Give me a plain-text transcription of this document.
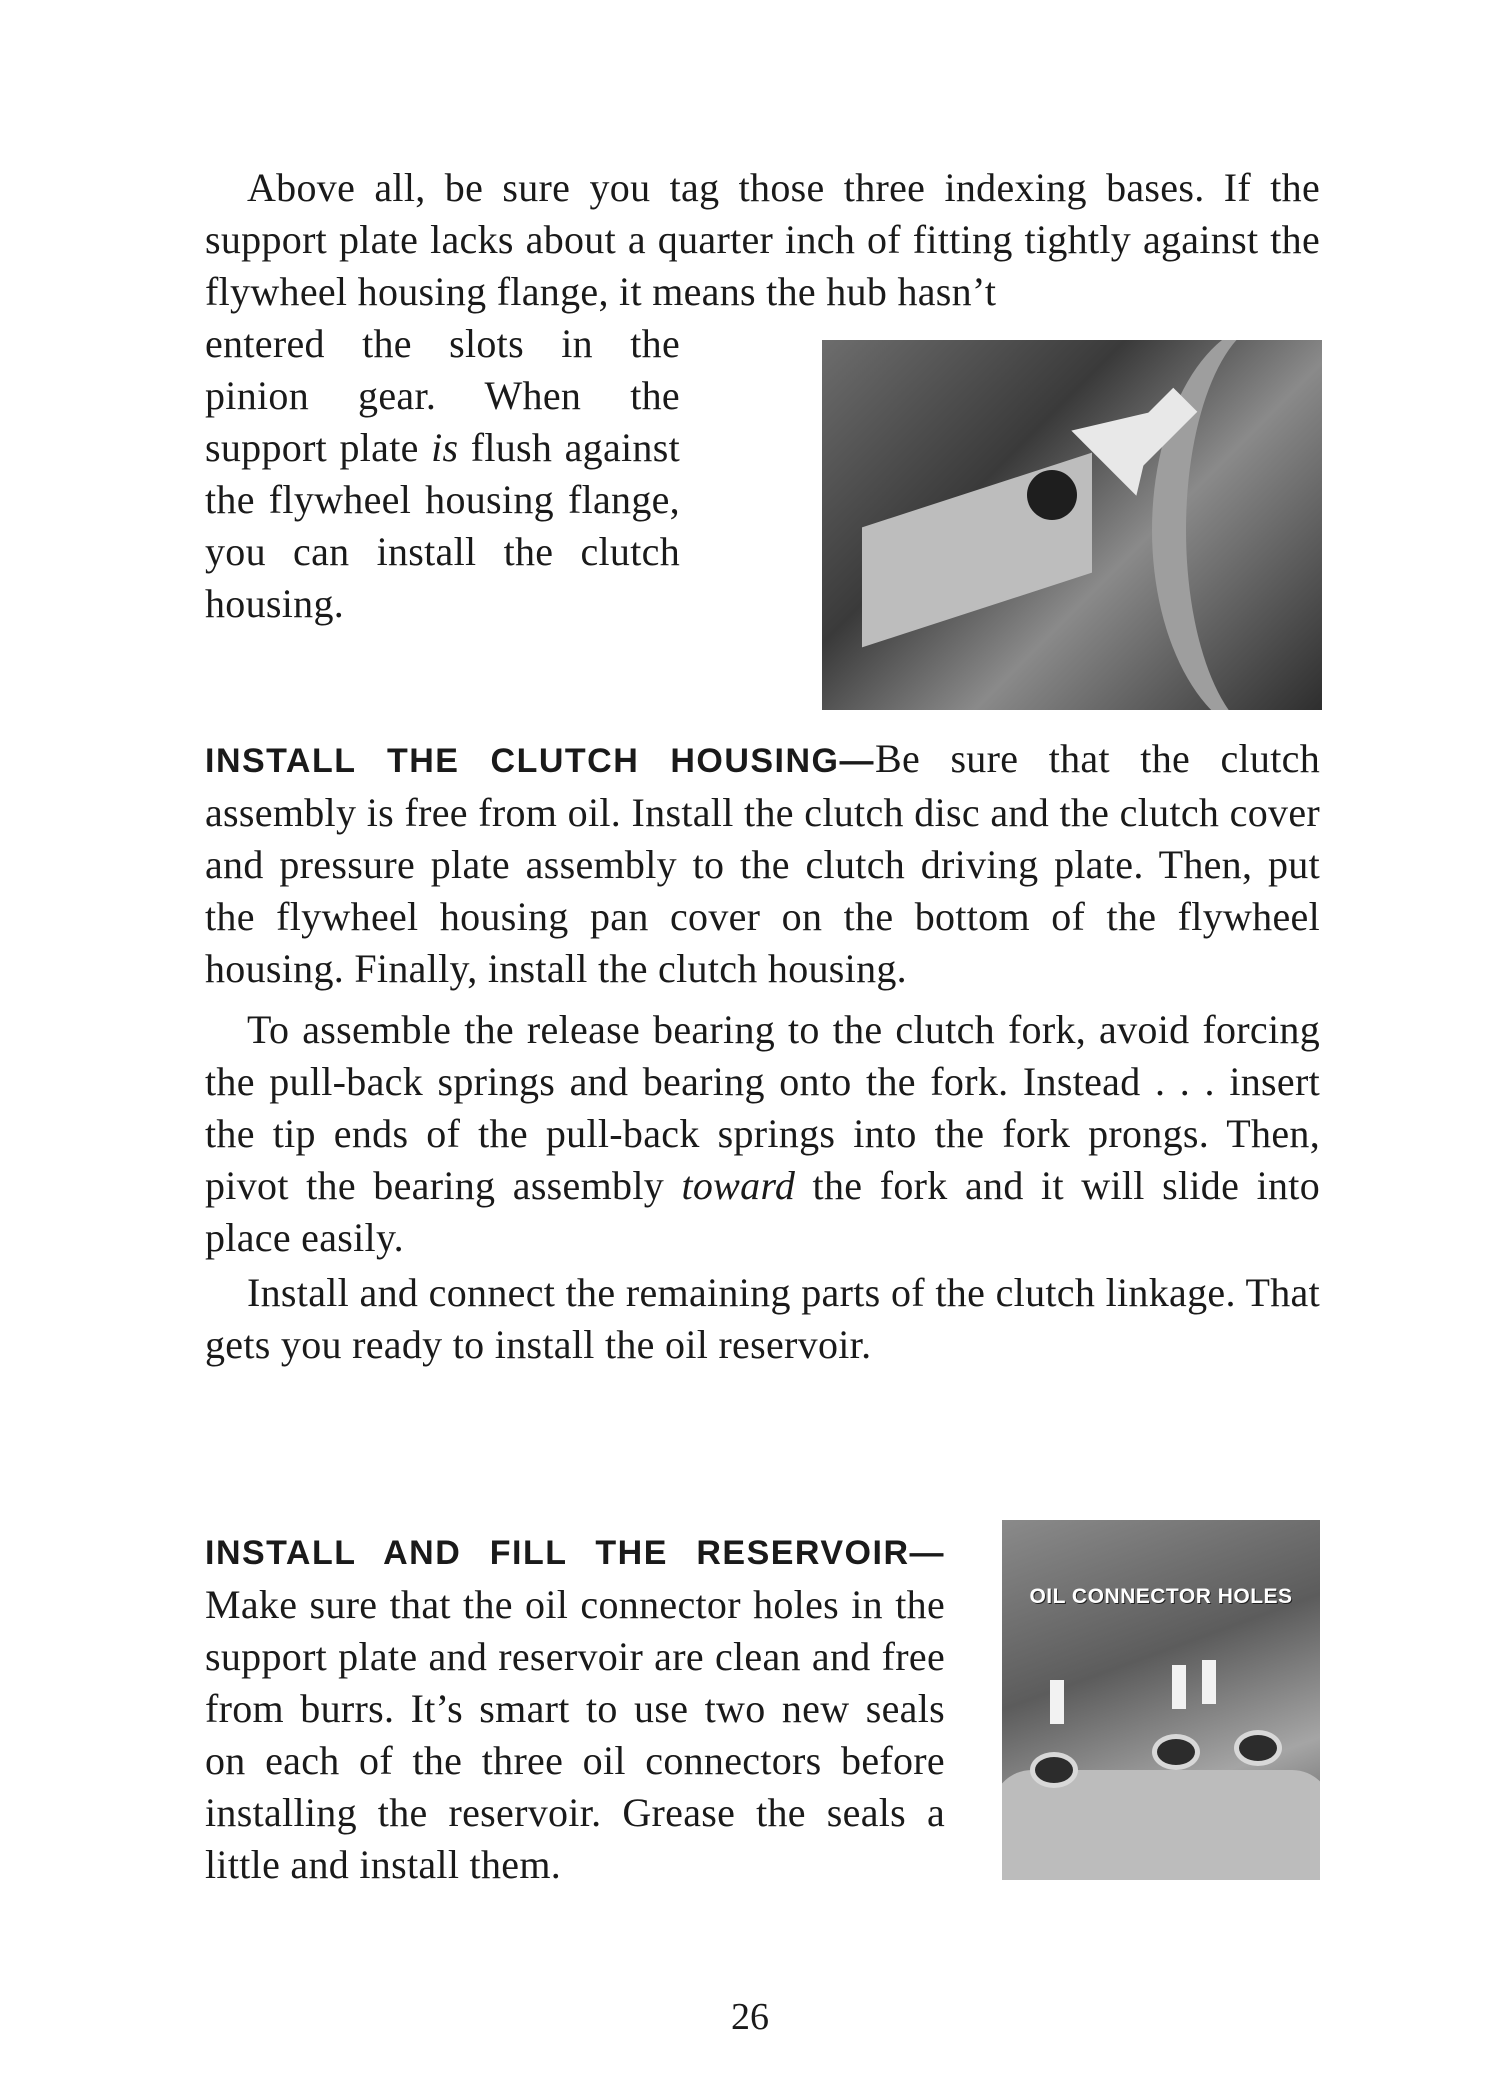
Above all, be sure you tag those three indexing bases. If the support plate lacks about a quarter inch of fitting tightly against the flywheel housing flange, it means the hub hasn’t

entered the slots in the pinion gear. When the support plate is flush against the flywheel housing flange, you can install the clutch housing.

INSTALL THE CLUTCH HOUSING—Be sure that the clutch assembly is free from oil. Install the clutch disc and the clutch cover and pressure plate assembly to the clutch driving plate. Then, put the flywheel housing pan cover on the bottom of the flywheel housing. Finally, install the clutch housing.

To assemble the release bearing to the clutch fork, avoid forcing the pull-back springs and bearing onto the fork. Instead . . . insert the tip ends of the pull-back springs into the fork prongs. Then, pivot the bearing assembly toward the fork and it will slide into place easily.

Install and connect the remaining parts of the clutch linkage. That gets you ready to install the oil reservoir.

INSTALL AND FILL THE RESERVOIR—Make sure that the oil connector holes in the support plate and reservoir are clean and free from burrs. It’s smart to use two new seals on each of the three oil connectors before installing the reservoir. Grease the seals a little and install them.

OIL CONNECTOR HOLES
26
